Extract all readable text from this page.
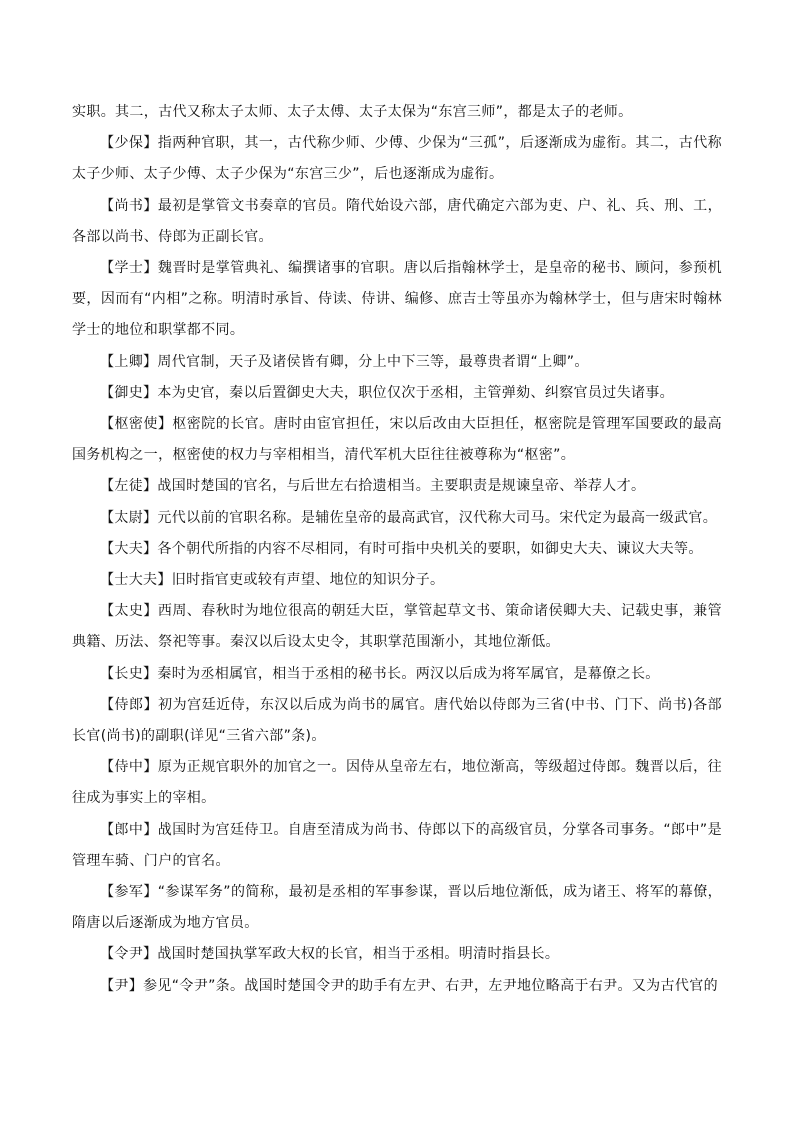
实职。其二，古代又称太子太师、太子太傅、太子太保为“东宫三师”，都是太子的老师。

【少保】指两种官职，其一，古代称少师、少傅、少保为“三孤”，后逐渐成为虚衔。其二，古代称太子少师、太子少傅、太子少保为“东宫三少”，后也逐渐成为虚衔。

【尚书】最初是掌管文书奏章的官员。隋代始设六部，唐代确定六部为吏、户、礼、兵、刑、工，各部以尚书、侍郎为正副长官。

【学士】魏晋时是掌管典礼、编撰诸事的官职。唐以后指翰林学士，是皇帝的秘书、顾问，参预机要，因而有“内相”之称。明清时承旨、侍读、侍讲、编修、庶吉士等虽亦为翰林学士，但与唐宋时翰林学士的地位和职掌都不同。

【上卿】周代官制，天子及诸侯皆有卿，分上中下三等，最尊贵者谓“上卿”。

【御史】本为史官，秦以后置御史大夫，职位仅次于丞相，主管弹劾、纠察官员过失诸事。

【枢密使】枢密院的长官。唐时由宦官担任，宋以后改由大臣担任，枢密院是管理军国要政的最高国务机构之一，枢密使的权力与宰相相当，清代军机大臣往往被尊称为“枢密”。

【左徒】战国时楚国的官名，与后世左右拾遗相当。主要职责是规谏皇帝、举荐人才。

【太尉】元代以前的官职名称。是辅佐皇帝的最高武官，汉代称大司马。宋代定为最高一级武官。

【大夫】各个朝代所指的内容不尽相同，有时可指中央机关的要职，如御史大夫、谏议大夫等。

【士大夫】旧时指官吏或较有声望、地位的知识分子。

【太史】西周、春秋时为地位很高的朝廷大臣，掌管起草文书、策命诸侯卿大夫、记载史事，兼管典籍、历法、祭祀等事。秦汉以后设太史令，其职掌范围渐小，其地位渐低。

【长史】秦时为丞相属官，相当于丞相的秘书长。两汉以后成为将军属官，是幕僚之长。

【侍郎】初为宫廷近侍，东汉以后成为尚书的属官。唐代始以侍郎为三省(中书、门下、尚书)各部长官(尚书)的副职(详见“三省六部”条)。

【侍中】原为正规官职外的加官之一。因侍从皇帝左右，地位渐高，等级超过侍郎。魏晋以后，往往成为事实上的宰相。

【郎中】战国时为宫廷侍卫。自唐至清成为尚书、侍郎以下的高级官员，分掌各司事务。“郎中”是管理车骑、门户的官名。

【参军】“参谋军务”的简称，最初是丞相的军事参谋，晋以后地位渐低，成为诸王、将军的幕僚，隋唐以后逐渐成为地方官员。

【令尹】战国时楚国执掌军政大权的长官，相当于丞相。明清时指县长。

【尹】参见“令尹”条。战国时楚国令尹的助手有左尹、右尹，左尹地位略高于右尹。又为古代官的
